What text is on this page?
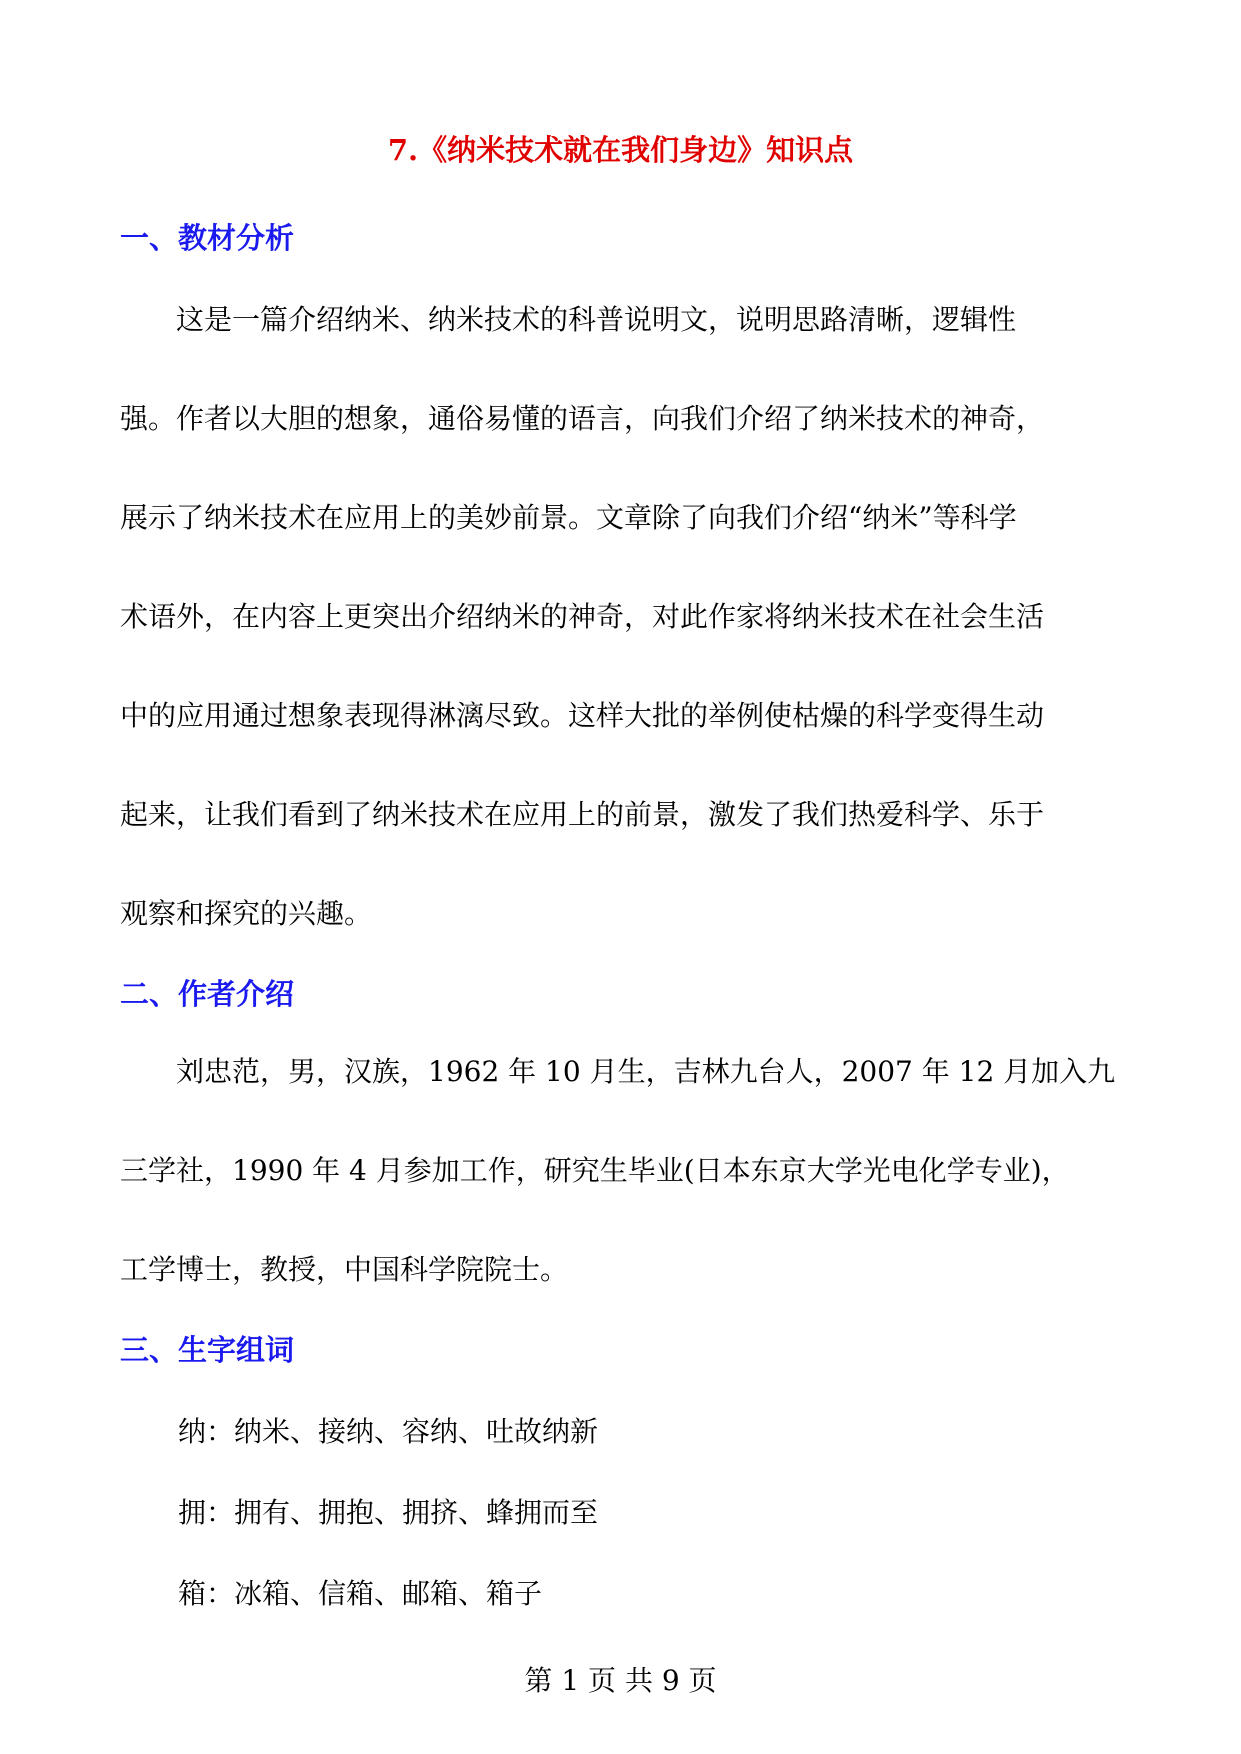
7.《纳米技术就在我们身边》知识点
一、教材分析
　　这是一篇介绍纳米、纳米技术的科普说明文，说明思路清晰，逻辑性
强。作者以大胆的想象，通俗易懂的语言，向我们介绍了纳米技术的神奇，
展示了纳米技术在应用上的美妙前景。文章除了向我们介绍“纳米”等科学
术语外，在内容上更突出介绍纳米的神奇，对此作家将纳米技术在社会生活
中的应用通过想象表现得淋漓尽致。这样大批的举例使枯燥的科学变得生动
起来，让我们看到了纳米技术在应用上的前景，激发了我们热爱科学、乐于
观察和探究的兴趣。
二、作者介绍
　　刘忠范，男，汉族，1962 年 10 月生，吉林九台人，2007 年 12 月加入九
三学社，1990 年 4 月参加工作，研究生毕业(日本东京大学光电化学专业)，
工学博士，教授，中国科学院院士。
三、生字组词
纳：纳米、接纳、容纳、吐故纳新
拥：拥有、拥抱、拥挤、蜂拥而至
箱：冰箱、信箱、邮箱、箱子
第 1 页 共 9 页
